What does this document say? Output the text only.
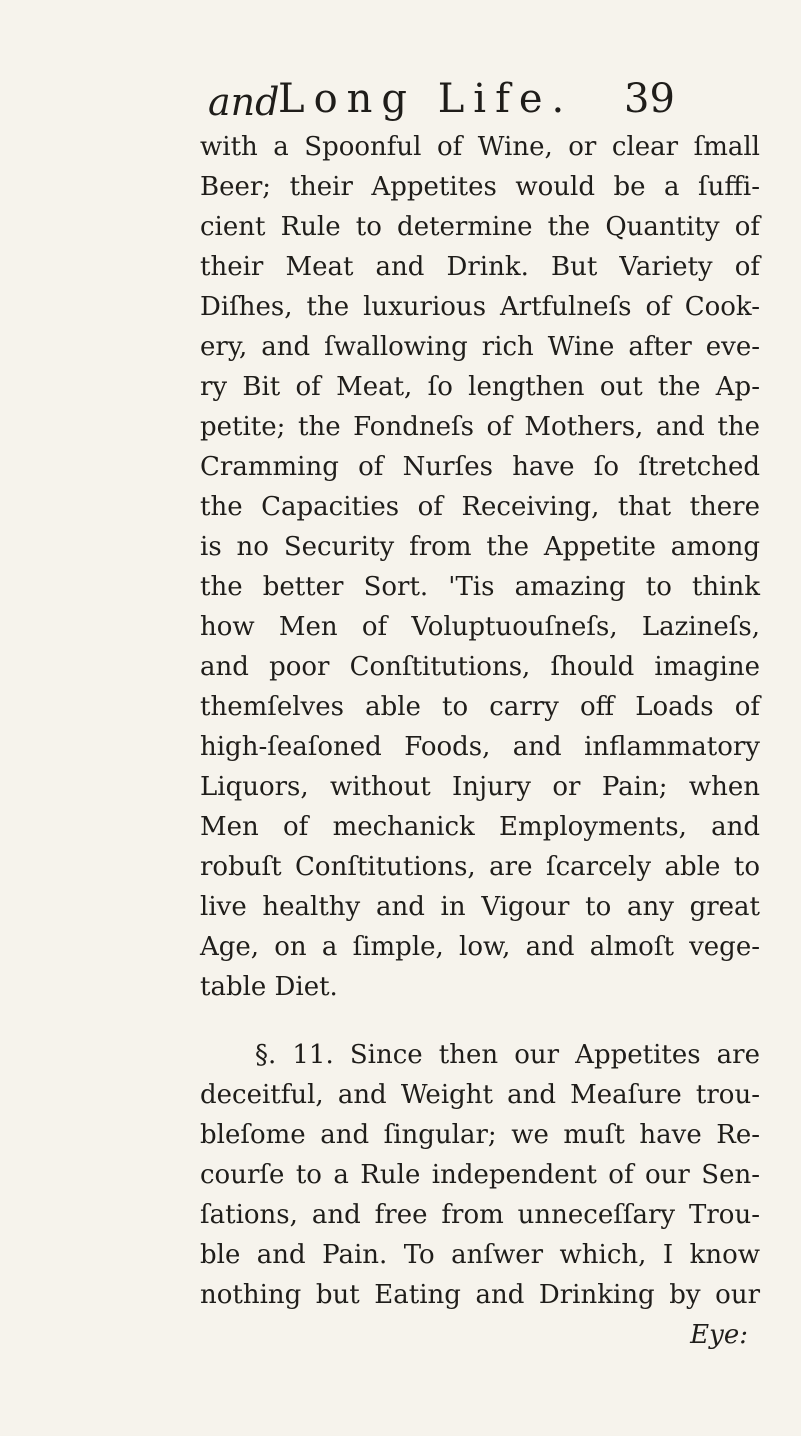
and
Long Life. 39
with a Spoonful of Wine, or clear ſmall
Beer; their Appetites would be a ſuffi-
cient Rule to determine the Quantity of
their Meat and Drink. But Variety of
Diſhes, the luxurious Artfulneſs of Cook-
ery, and ſwallowing rich Wine after eve-
ry Bit of Meat, ſo lengthen out the Ap-
petite; the Fondneſs of Mothers, and the
Cramming of Nurſes have ſo ſtretched
the Capacities of Receiving, that there
is no Security from the Appetite among
the better Sort. 'Tis amazing to think
how Men of Voluptuouſneſs, Lazineſs,
and poor Conſtitutions, ſhould imagine
themſelves able to carry off Loads of
high-ſeaſoned Foods, and inflammatory
Liquors, without Injury or Pain; when
Men of mechanick Employments, and
robuſt Conſtitutions, are ſcarcely able to
live healthy and in Vigour to any great
Age, on a ſimple, low, and almoſt vege-
table Diet.
§. 11. Since then our Appetites are
deceitful, and Weight and Meaſure trou-
bleſome and ſingular; we muſt have Re-
courſe to a Rule independent of our Sen-
ſations, and free from unneceſſary Trou-
ble and Pain. To anſwer which, I know
nothing but Eating and Drinking by our
Eye:
